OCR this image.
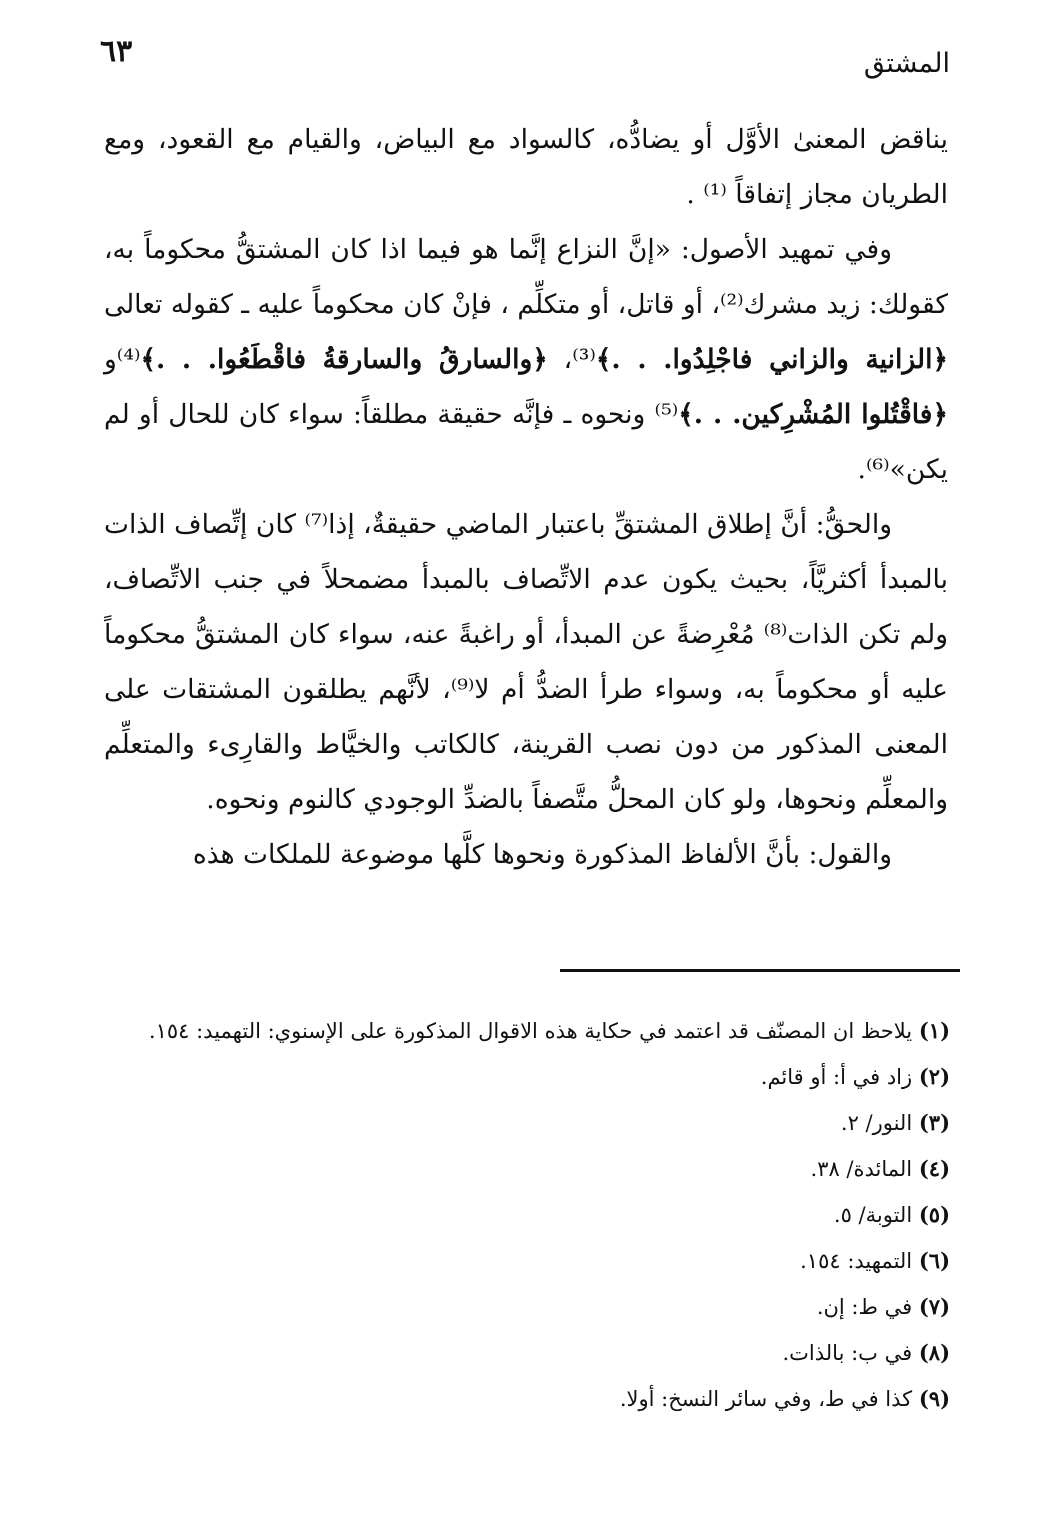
٦٣	المشتق

يناقض المعنىٰ الأوَّل أو يضادُّه، كالسواد مع البياض، والقيام مع القعود، ومع الطريان مجاز إتفاقاً ⁽¹⁾ .

وفي تمهيد الأصول: «إنَّ النزاع إنَّما هو فيما اذا كان المشتقُّ محكوماً به، كقولك: زيد مشرك⁽²⁾، أو قاتل، أو متكلِّم ، فإنْ كان محكوماً عليه ـ كقوله تعالى ﴿الزانية والزاني فاجْلِدُوا. . .﴾⁽³⁾، ﴿والسارقُ والسارقةُ فاقْطَعُوا. . .﴾⁽⁴⁾و ﴿فاقْتُلوا المُشْرِكين. . .﴾⁽⁵⁾ ونحوه ـ فإنَّه حقيقة مطلقاً: سواء كان للحال أو لم يكن»⁽⁶⁾.

والحقُّ: أنَّ إطلاق المشتقِّ باعتبار الماضي حقيقةٌ، إذا⁽⁷⁾ كان إتِّصاف الذات بالمبدأ أكثريَّاً، بحيث يكون عدم الاتِّصاف بالمبدأ مضمحلاً في جنب الاتِّصاف، ولم تكن الذات⁽⁸⁾ مُعْرِضةً عن المبدأ، أو راغبةً عنه، سواء كان المشتقُّ محكوماً عليه أو محكوماً به، وسواء طرأ الضدُّ أم لا⁽⁹⁾، لأنَّهم يطلقون المشتقات على المعنى المذكور من دون نصب القرينة، كالكاتب والخيَّاط والقارِىء والمتعلِّم والمعلِّم ونحوها، ولو كان المحلُّ متَّصفاً بالضدِّ الوجودي كالنوم ونحوه.

والقول: بأنَّ الألفاظ المذكورة ونحوها كلَّها موضوعة للملكات هذه

(١) يلاحظ ان المصنّف قد اعتمد في حكاية هذه الاقوال المذكورة على الإسنوي: التهميد: ١٥٤.

(٢) زاد في أ: أو قائم.

(٣) النور/ ٢.

(٤) المائدة/ ٣٨.

(٥) التوبة/ ٥.

(٦) التمهيد: ١٥٤.

(٧) في ط: إن.

(٨) في ب: بالذات.

(٩) كذا في ط، وفي سائر النسخ: أولا.
